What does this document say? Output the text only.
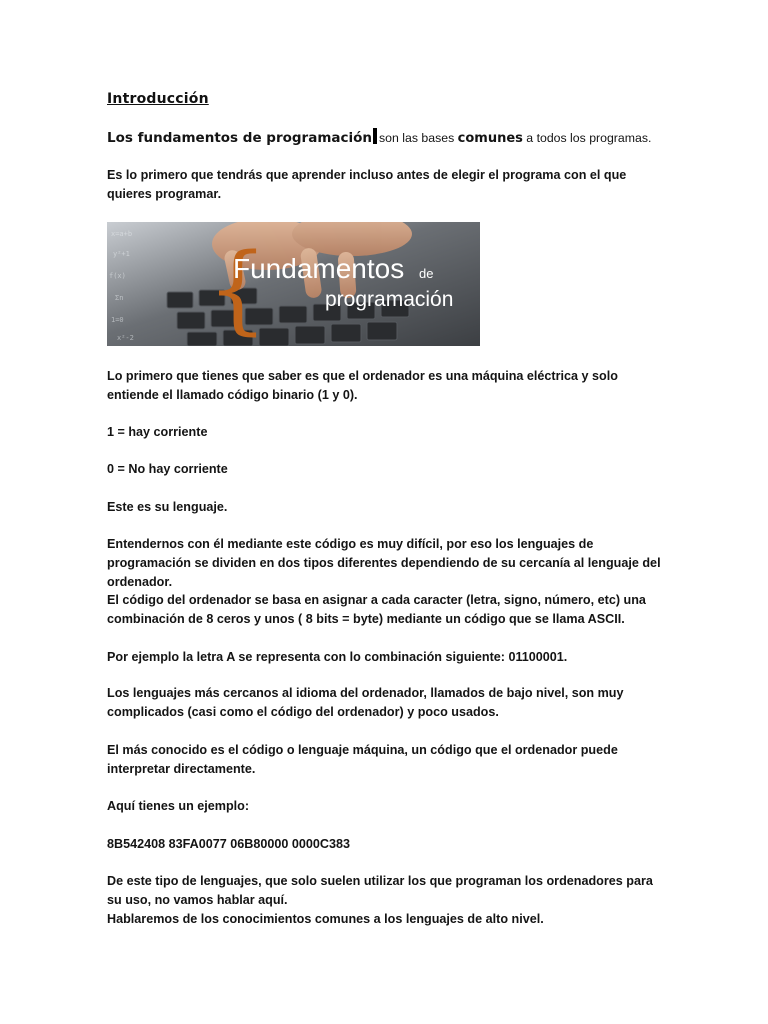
Introducción
Los fundamentos de programación son las bases comunes a todos los programas.

Es lo primero que tendrás que aprender incluso antes de elegir el programa con el que quieres programar.

x=a+b
y²+1
f(x)
Σn
1=0
x²-2 {
Fundamentos de
programación

Lo primero que tienes que saber es que el ordenador es una máquina eléctrica y solo entiende el llamado código binario (1 y 0).

1 = hay corriente

0 = No hay corriente

Este es su lenguaje.

Entendernos con él mediante este código es muy difícil, por eso los lenguajes de programación se dividen en dos tipos diferentes dependiendo de su cercanía al lenguaje del ordenador.

El código del ordenador se basa en asignar a cada caracter (letra, signo, número, etc) una combinación de 8 ceros y unos ( 8 bits = byte) mediante un código que se llama ASCII.

Por ejemplo la letra A se representa con lo combinación siguiente: 01100001.

Los lenguajes más cercanos al idioma del ordenador, llamados de bajo nivel, son muy complicados (casi como el código del ordenador) y poco usados.

El más conocido es el código o lenguaje máquina, un código que el ordenador puede interpretar directamente.

Aquí tienes un ejemplo:

8B542408 83FA0077 06B80000 0000C383

De este tipo de lenguajes, que solo suelen utilizar los que programan los ordenadores para su uso, no vamos hablar aquí.

Hablaremos de los conocimientos comunes a los lenguajes de alto nivel.
